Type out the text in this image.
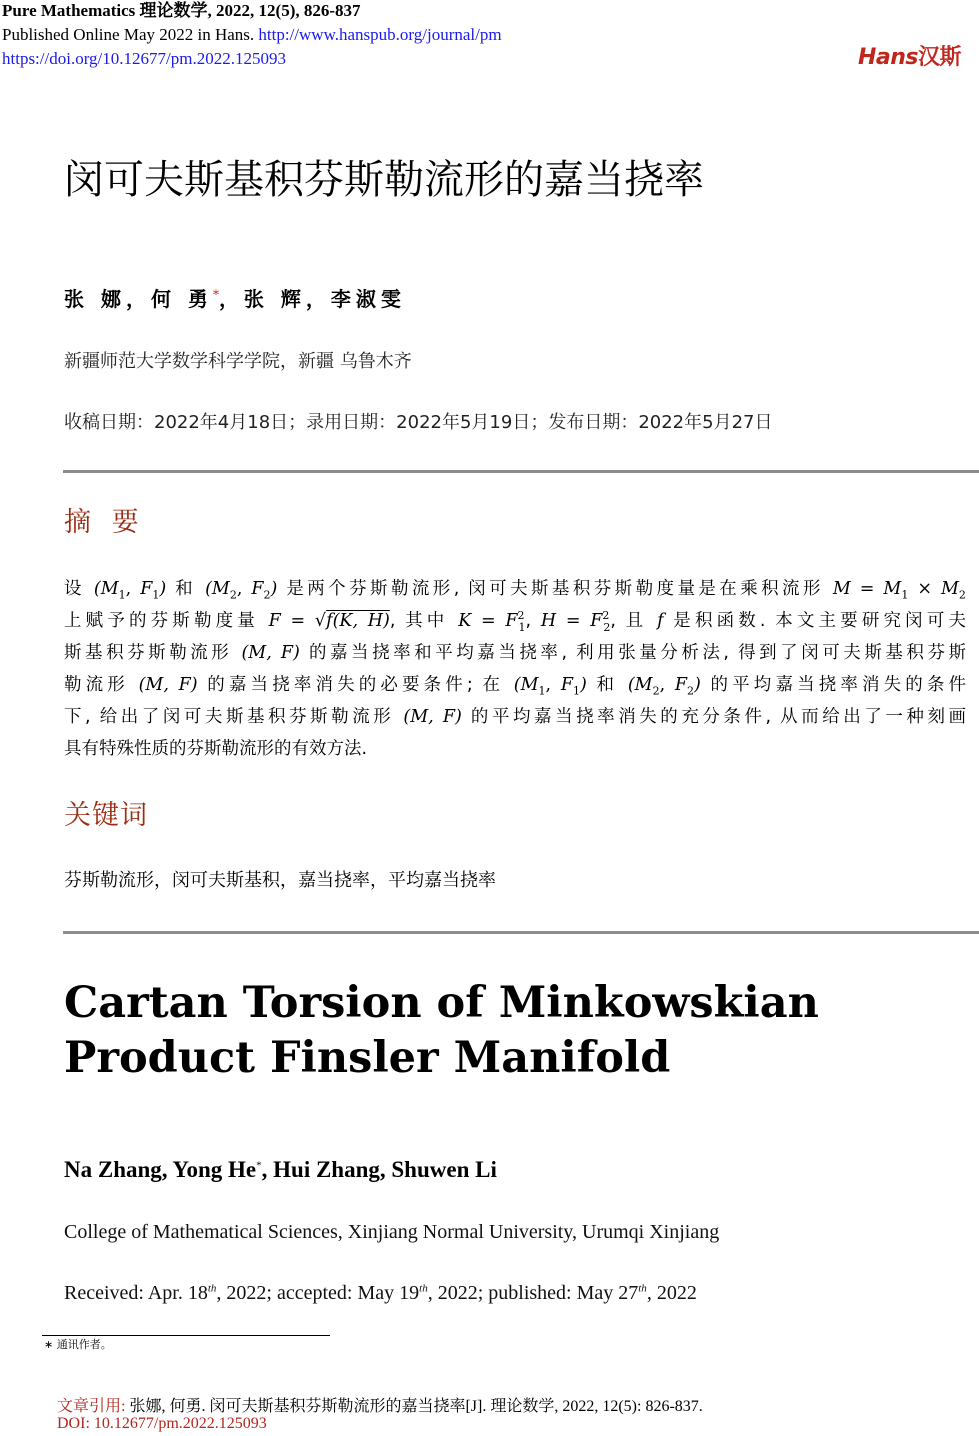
Pure Mathematics 理论数学, 2022, 12(5), 826-837
Published Online May 2022 in Hans. http://www.hanspub.org/journal/pm
https://doi.org/10.12677/pm.2022.125093	Hans汉斯
闵可夫斯基积芬斯勒流形的嘉当挠率
张 娜，何 勇*，张 辉，李淑雯
新疆师范大学数学科学学院，新疆 乌鲁木齐
收稿日期：2022年4月18日；录用日期：2022年5月19日；发布日期：2022年5月27日
摘 要
设 ($M_1$, $F_1$) 和 ($M_2$, $F_2$) 是两个芬斯勒流形, 闵可夫斯基积芬斯勒度量是在乘积流形 $M = M_1 \times M_2$
上赋予的芬斯勒度量 F = √f(K, H), 其中 $K = F^2_1$, $H = F^2_2$, 且 f 是积函数. 本文主要研究闵可夫
斯基积芬斯勒流形 (M, F) 的嘉当挠率和平均嘉当挠率, 利用张量分析法, 得到了闵可夫斯基积芬斯
勒流形 (M, F) 的嘉当挠率消失的必要条件; 在 ($M_1$, $F_1$) 和 ($M_2$, $F_2$) 的平均嘉当挠率消失的条件
下, 给出了闵可夫斯基积芬斯勒流形 (M, F) 的平均嘉当挠率消失的充分条件, 从而给出了一种刻画
具有特殊性质的芬斯勒流形的有效方法.
关键词
芬斯勒流形，闵可夫斯基积，嘉当挠率，平均嘉当挠率
Cartan Torsion of Minkowskian
Product Finsler Manifold
Na Zhang, Yong He*, Hui Zhang, Shuwen Li
College of Mathematical Sciences, Xinjiang Normal University, Urumqi Xinjiang
Received: Apr. 18th, 2022; accepted: May 19th, 2022; published: May 27th, 2022
∗ 通讯作者。
文章引用: 张娜, 何勇. 闵可夫斯基积芬斯勒流形的嘉当挠率[J]. 理论数学, 2022, 12(5): 826-837.
DOI: 10.12677/pm.2022.125093
